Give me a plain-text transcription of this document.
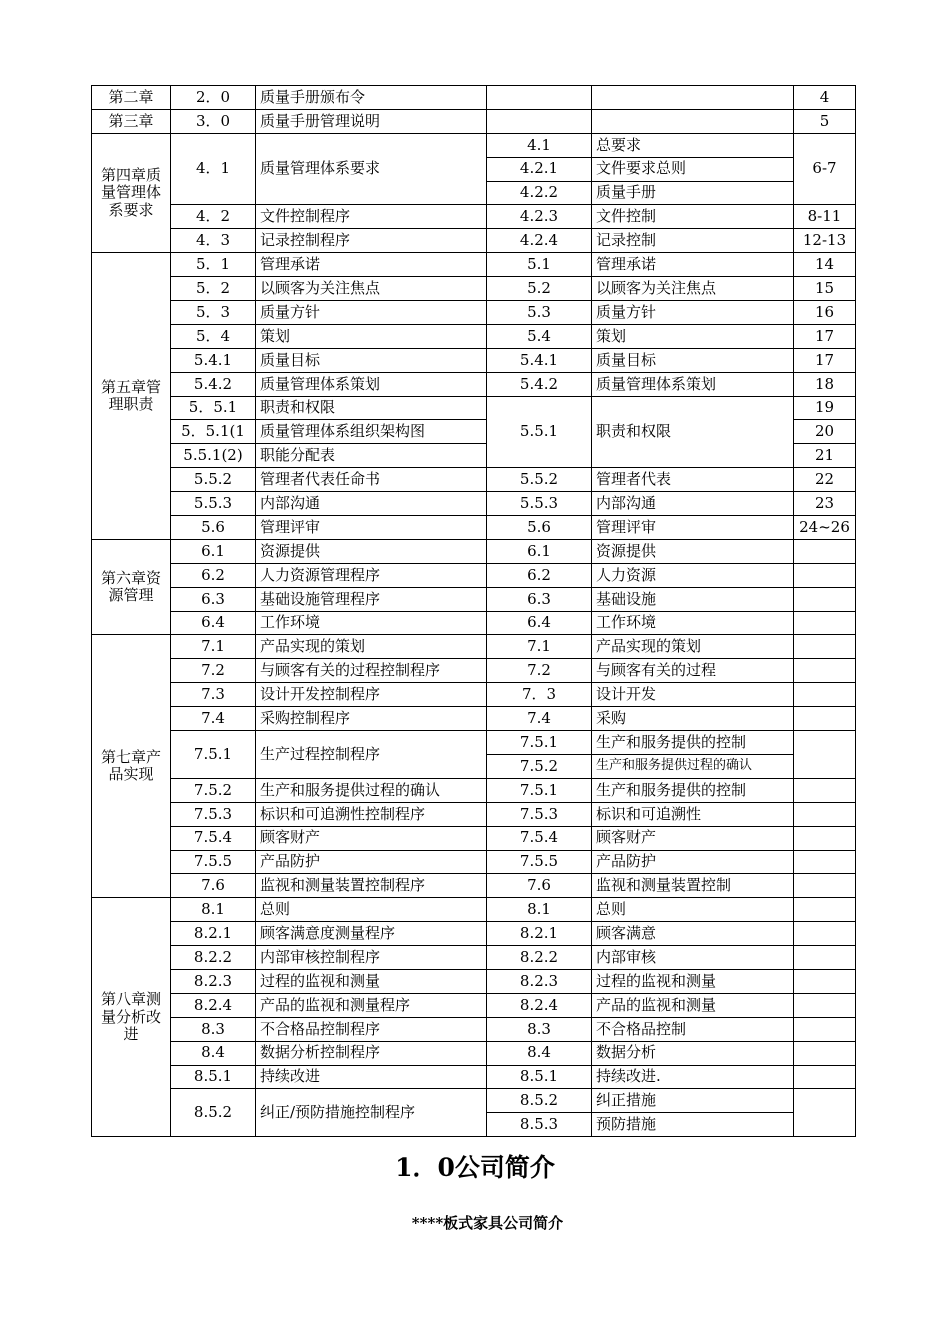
第二章	2．0	质量手册颁布令			4
第三章	3．0	质量手册管理说明			5
第四章质量管理体系要求	4．1	质量管理体系要求	4.1	总要求	6-7
			4.2.1	文件要求总则	
			4.2.2	质量手册	
	4．2	文件控制程序	4.2.3	文件控制	8-11
	4．3	记录控制程序	4.2.4	记录控制	12-13
第五章管理职责	5．1	管理承诺	5.1	管理承诺	14
	5．2	以顾客为关注焦点	5.2	以顾客为关注焦点	15
	5．3	质量方针	5.3	质量方针	16
	5．4	策划	5.4	策划	17
	5.4.1	质量目标	5.4.1	质量目标	17
	5.4.2	质量管理体系策划	5.4.2	质量管理体系策划	18
	5．5.1	职责和权限	5.5.1	职责和权限	19
	5．5.1(1	质量管理体系组织架构图			20
	5.5.1(2)	职能分配表			21
	5.5.2	管理者代表任命书	5.5.2	管理者代表	22
	5.5.3	内部沟通	5.5.3	内部沟通	23
	5.6	管理评审	5.6	管理评审	24~26
第六章资源管理	6.1	资源提供	6.1	资源提供	
	6.2	人力资源管理程序	6.2	人力资源	
	6.3	基础设施管理程序	6.3	基础设施	
	6.4	工作环境	6.4	工作环境	
第七章产品实现	7.1	产品实现的策划	7.1	产品实现的策划	
	7.2	与顾客有关的过程控制程序	7.2	与顾客有关的过程	
	7.3	设计开发控制程序	7．3	设计开发	
	7.4	采购控制程序	7.4	采购	
	7.5.1	生产过程控制程序	7.5.1	生产和服务提供的控制	
			7.5.2	生产和服务提供过程的确认	
	7.5.2	生产和服务提供过程的确认	7.5.1	生产和服务提供的控制	
	7.5.3	标识和可追溯性控制程序	7.5.3	标识和可追溯性	
	7.5.4	顾客财产	7.5.4	顾客财产	
	7.5.5	产品防护	7.5.5	产品防护	
	7.6	监视和测量装置控制程序	7.6	监视和测量装置控制	
第八章测量分析改进	8.1	总则	8.1	总则	
	8.2.1	顾客满意度测量程序	8.2.1	顾客满意	
	8.2.2	内部审核控制程序	8.2.2	内部审核	
	8.2.3	过程的监视和测量	8.2.3	过程的监视和测量	
	8.2.4	产品的监视和测量程序	8.2.4	产品的监视和测量	
	8.3	不合格品控制程序	8.3	不合格品控制	
	8.4	数据分析控制程序	8.4	数据分析	
	8.5.1	持续改进	8.5.1	持续改进.	
	8.5.2	纠正/预防措施控制程序	8.5.2	纠正措施	
			8.5.3	预防措施	
1．0公司简介
****板式家具公司简介
